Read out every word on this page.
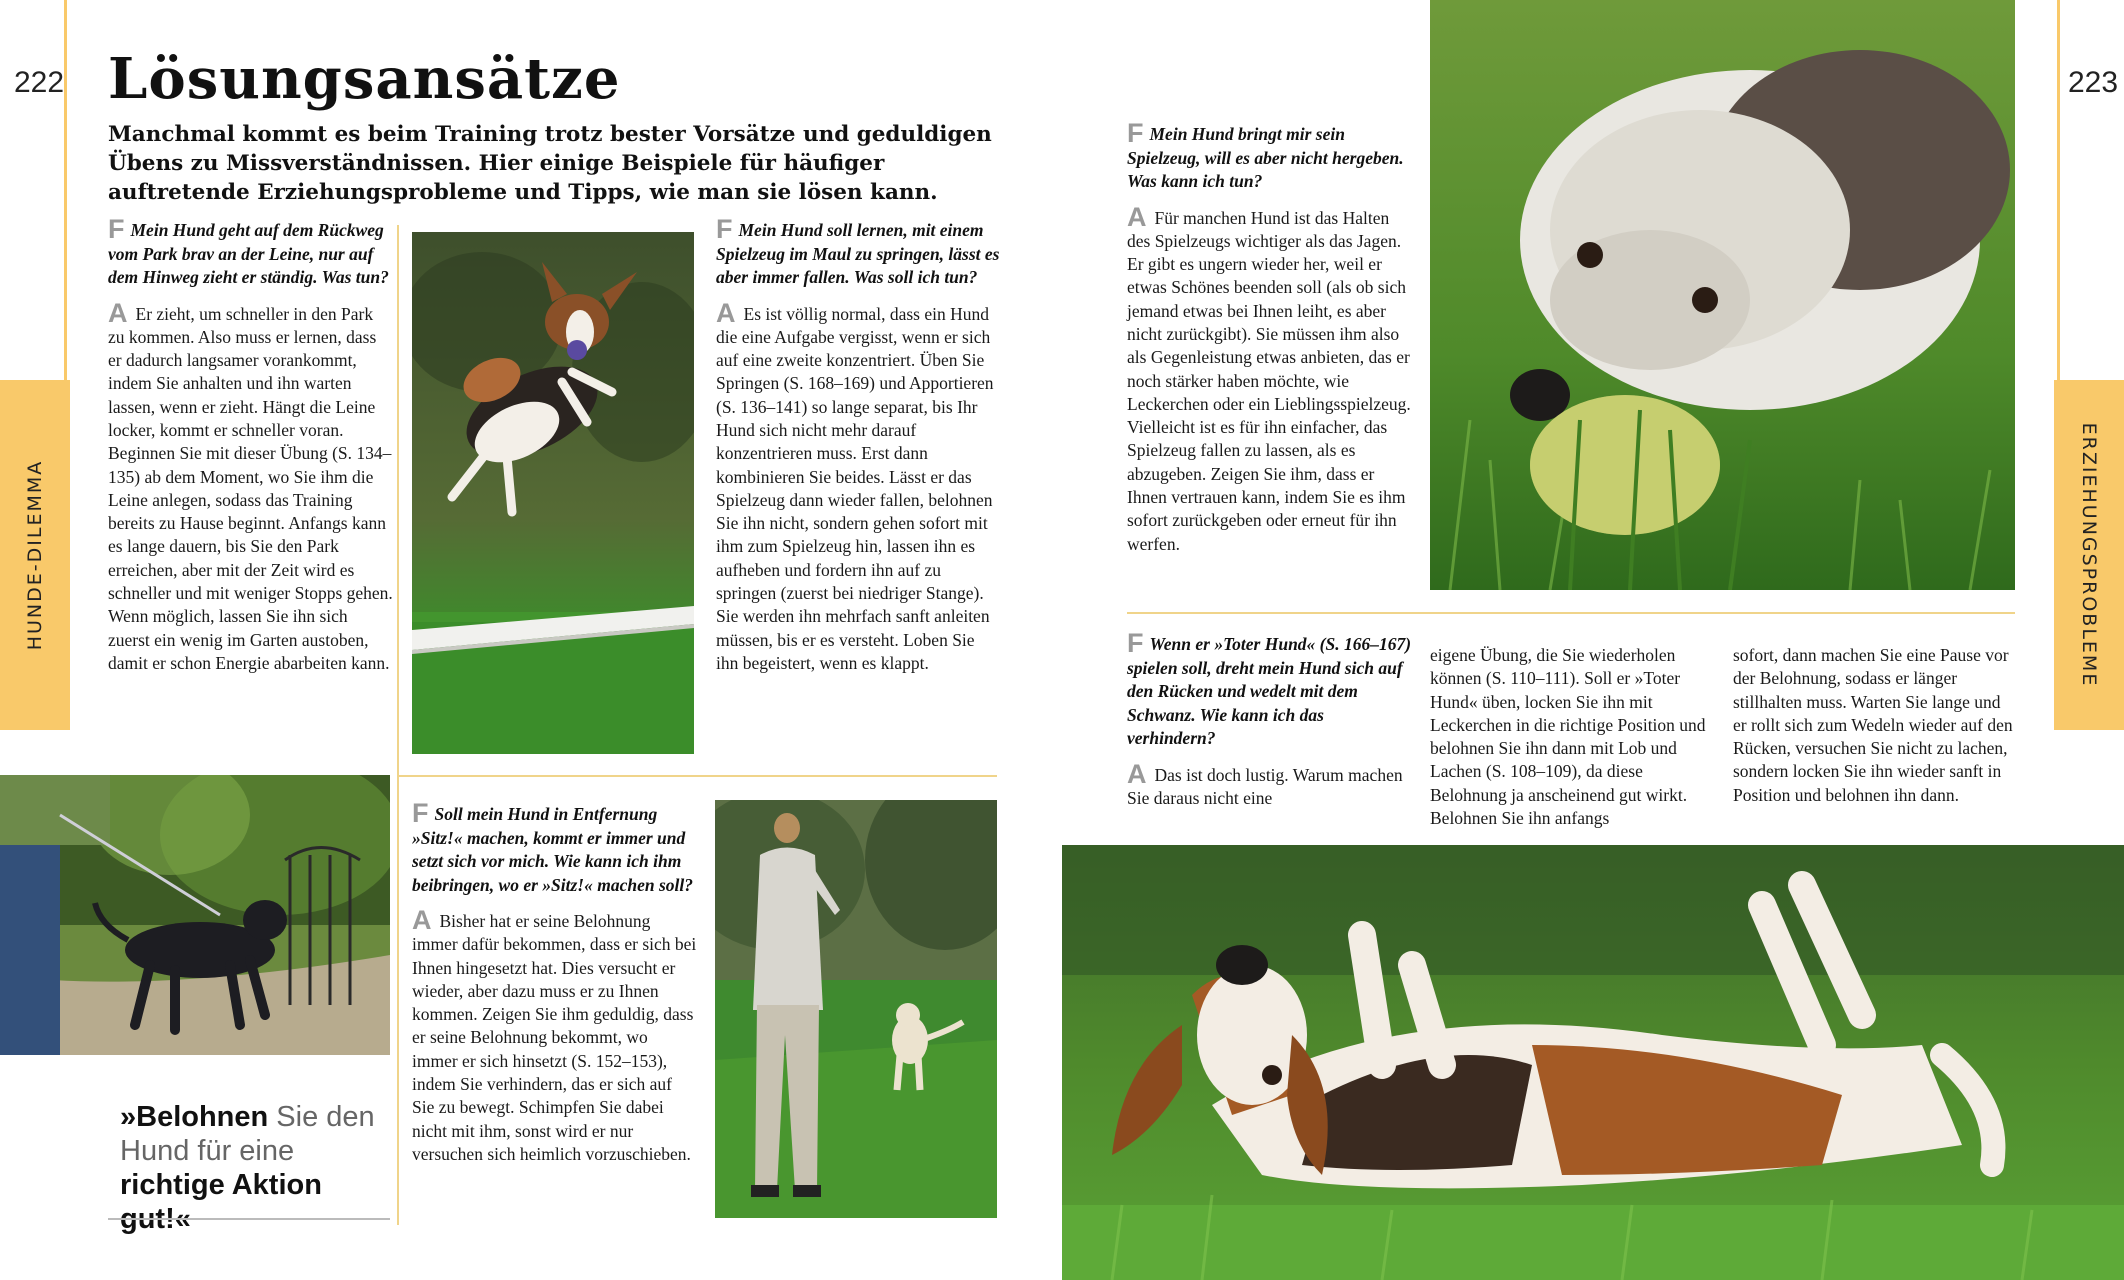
222
HUNDE-DILEMMA
Lösungsansätze

Manchmal kommt es beim Training trotz bester Vorsätze und geduldigen Übens zu Missverständnissen. Hier einige Beispiele für häufiger auftretende Erziehungsprobleme und Tipps, wie man sie lösen kann.

F Mein Hund geht auf dem Rückweg vom Park brav an der Leine, nur auf dem Hinweg zieht er ständig. Was tun?

A Er zieht, um schneller in den Park zu kommen. Also muss er lernen, dass er dadurch langsamer vorankommt, indem Sie anhalten und ihn warten lassen, wenn er zieht. Hängt die Leine locker, kommt er schneller voran. Beginnen Sie mit dieser Übung (S. 134–135) ab dem Moment, wo Sie ihm die Leine anlegen, sodass das Training bereits zu Hause beginnt. Anfangs kann es lange dauern, bis Sie den Park erreichen, aber mit der Zeit wird es schneller und mit weniger Stopps gehen. Wenn möglich, lassen Sie ihn sich zuerst ein wenig im Garten austoben, damit er schon Energie abarbeiten kann.

F Mein Hund soll lernen, mit einem Spielzeug im Maul zu springen, lässt es aber immer fallen. Was soll ich tun?

A Es ist völlig normal, dass ein Hund die eine Aufgabe vergisst, wenn er sich auf eine zweite konzentriert. Üben Sie Springen (S. 168–169) und Apportieren (S. 136–141) so lange separat, bis Ihr Hund sich nicht mehr darauf konzentrieren muss. Erst dann kombinieren Sie beides. Lässt er das Spielzeug dann wieder fallen, belohnen Sie ihn nicht, sondern gehen sofort mit ihm zum Spielzeug hin, lassen ihn es aufheben und fordern ihn auf zu springen (zuerst bei niedriger Stange). Sie werden ihn mehrfach sanft anleiten müssen, bis er es versteht. Loben Sie ihn begeistert, wenn es klappt.

F Soll mein Hund in Entfernung »Sitz!« machen, kommt er immer und setzt sich vor mich. Wie kann ich ihm beibringen, wo er »Sitz!« machen soll?

A Bisher hat er seine Belohnung immer dafür bekommen, dass er sich bei Ihnen hingesetzt hat. Dies versucht er wieder, aber dazu muss er zu Ihnen kommen. Zeigen Sie ihm geduldig, dass er seine Belohnung bekommt, wo immer er sich hinsetzt (S. 152–153), indem Sie verhindern, das er sich auf Sie zu bewegt. Schimpfen Sie dabei nicht mit ihm, sonst wird er nur versuchen sich heimlich vorzuschieben.

»Belohnen Sie den Hund für eine richtige Aktion gut!«
223
ERZIEHUNGSPROBLEME

F Mein Hund bringt mir sein Spielzeug, will es aber nicht hergeben. Was kann ich tun?

A Für manchen Hund ist das Halten des Spielzeugs wichtiger als das Jagen. Er gibt es ungern wieder her, weil er etwas Schönes beenden soll (als ob sich jemand etwas bei Ihnen leiht, es aber nicht zurückgibt). Sie müssen ihm also als Gegenleistung etwas anbieten, das er noch stärker haben möchte, wie Leckerchen oder ein Lieblingsspielzeug. Vielleicht ist es für ihn einfacher, das Spielzeug fallen zu lassen, als es abzugeben. Zeigen Sie ihm, dass er Ihnen vertrauen kann, indem Sie es ihm sofort zurückgeben oder erneut für ihn werfen.

F Wenn er »Toter Hund« (S. 166–167) spielen soll, dreht mein Hund sich auf den Rücken und wedelt mit dem Schwanz. Wie kann ich das verhindern?

A Das ist doch lustig. Warum machen Sie daraus nicht eine

eigene Übung, die Sie wiederholen können (S. 110–111). Soll er »Toter Hund« üben, locken Sie ihn mit Leckerchen in die richtige Position und belohnen Sie ihn dann mit Lob und Lachen (S. 108–109), da diese Belohnung ja anscheinend gut wirkt. Belohnen Sie ihn anfangs

sofort, dann machen Sie eine Pause vor der Belohnung, sodass er länger stillhalten muss. Warten Sie lange und er rollt sich zum Wedeln wieder auf den Rücken, versuchen Sie nicht zu lachen, sondern locken Sie ihn wieder sanft in Position und belohnen ihn dann.
